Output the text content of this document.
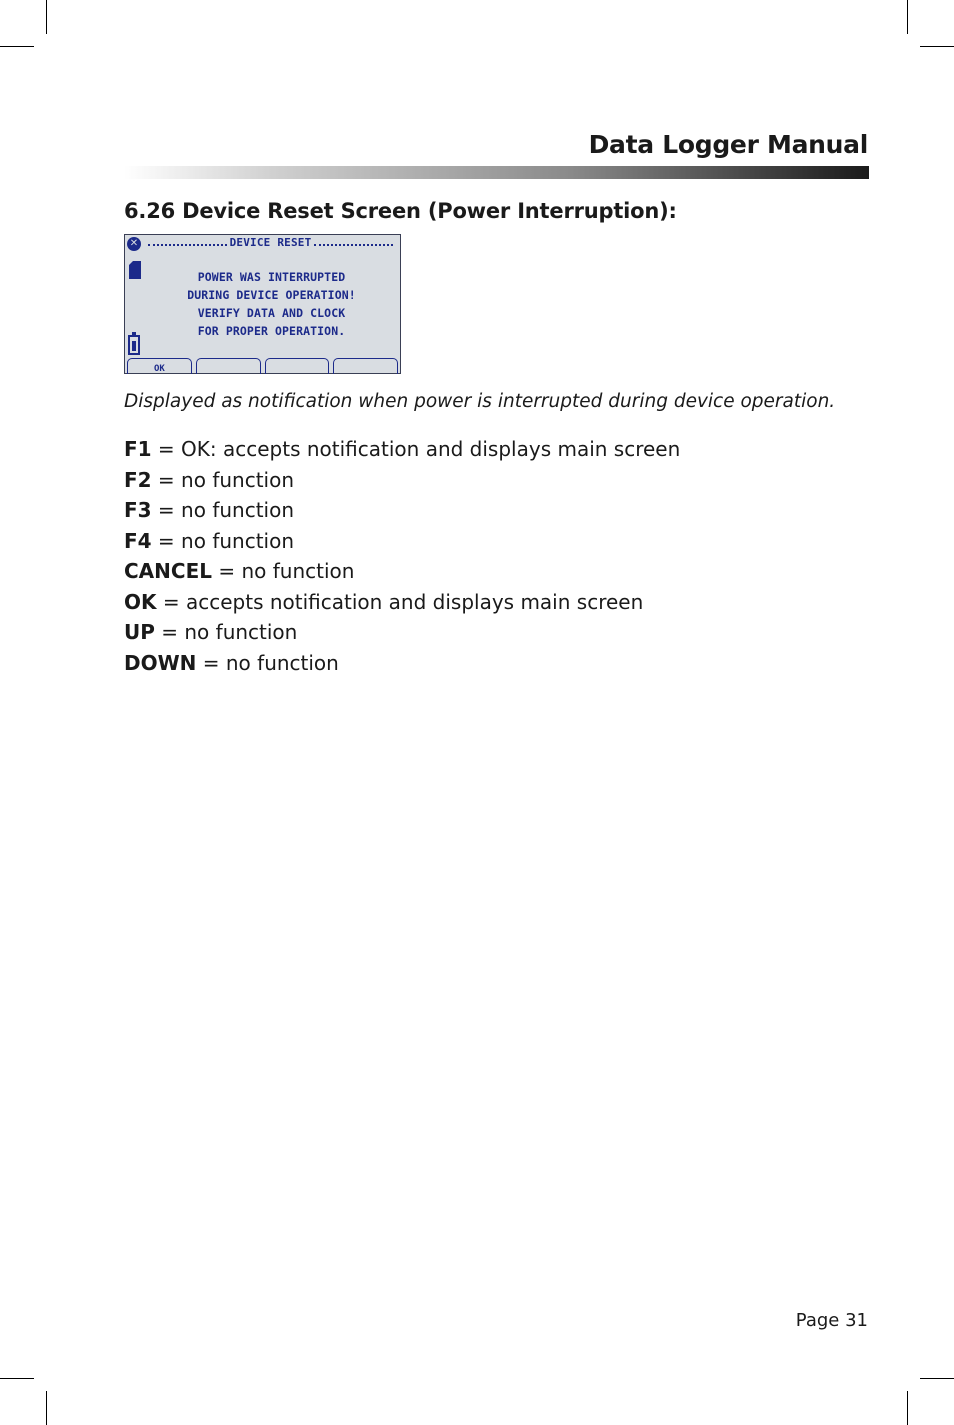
Data Logger Manual
6.26 Device Reset Screen (Power Interruption):
✕	DEVICE RESET
POWER WAS INTERRUPTED
DURING DEVICE OPERATION!
VERIFY DATA AND CLOCK
FOR PROPER OPERATION.
OK
Displayed as notification when power is interrupted during device operation.
F1 = OK: accepts notification and displays main screen
F2 = no function
F3 = no function
F4 = no function
CANCEL = no function
OK = accepts notification and displays main screen
UP = no function
DOWN = no function
Page 31
